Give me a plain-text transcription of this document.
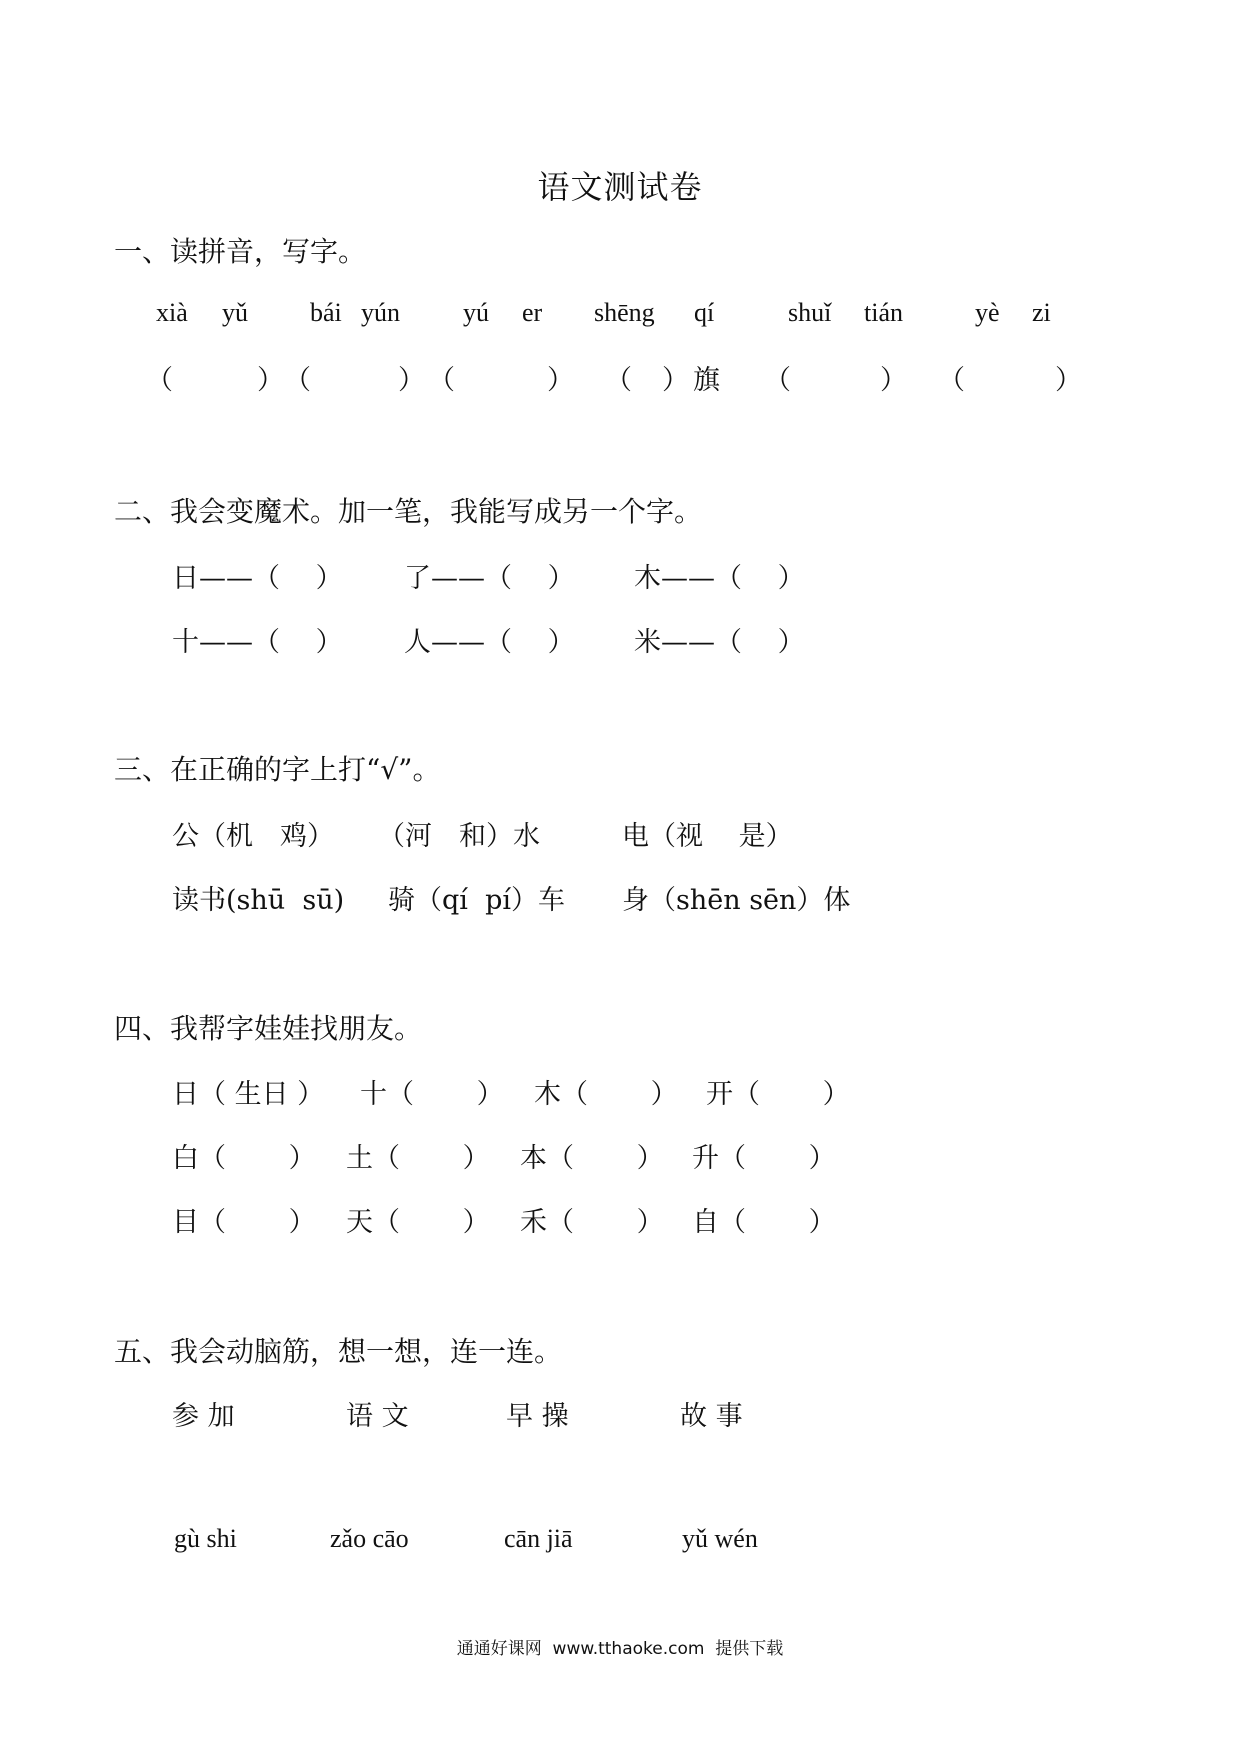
语文测试卷
一、读拼音，写字。
xià yǔ bái yún yú er shēng qí	shuǐ tián	yè zi
（	） （	） （	） （ ） 旗 （	） （	）
二、我会变魔术。加一笔，我能写成另一个字。
日——（　 ） 了——（　 ） 木——（　 ）
十——（　 ） 人——（　 ） 米——（　 ）
三、在正确的字上打“√”。
公（机　鸡） （河　和）水	电（视　 是）
读书(shū  sū) 骑（qí  pí）车 身（shēn sēn）体
四、我帮字娃娃找朋友。
日（ 生日 ） 十（　　 ） 木（　　 ） 开（　　 ）
白（　　 ） 土（　　 ） 本（　　 ） 升（　　 ）
目（　　 ） 天（　　 ） 禾（　　 ） 自（　　 ）
五、我会动脑筋，想一想，连一连。
参 加	语 文	早 操	故 事
gù shi	zǎo cāo	cān jiā	yǔ wén
通通好课网  www.tthaoke.com  提供下载
